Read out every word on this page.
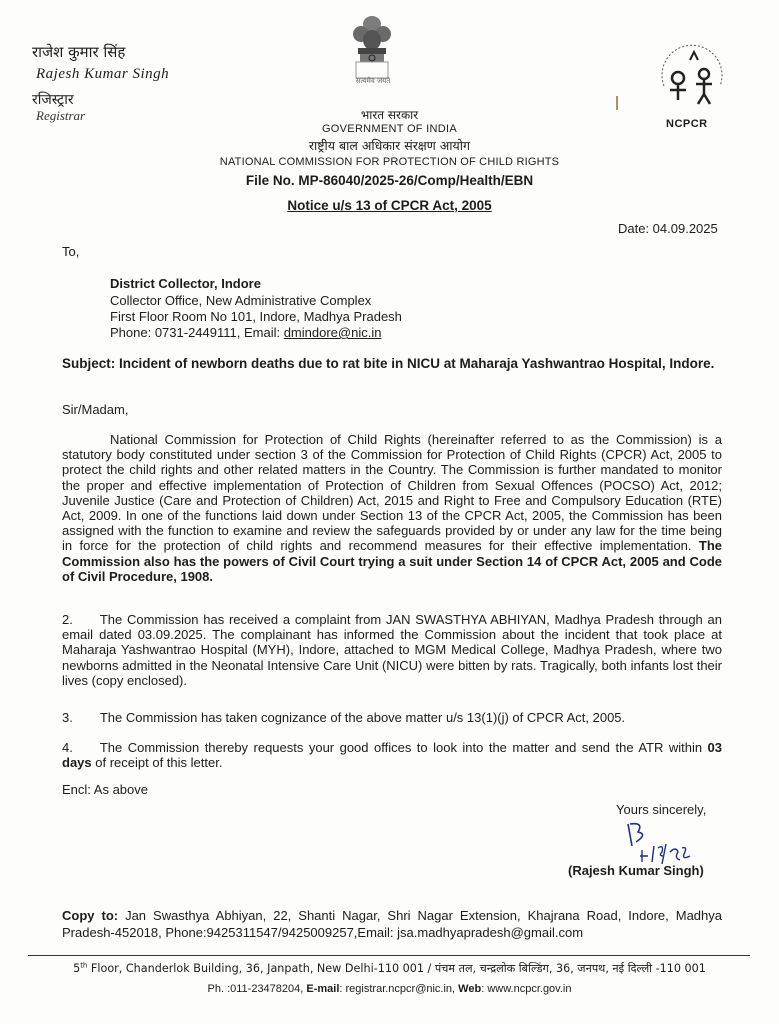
राजेश कुमार सिंह
Rajesh Kumar Singh
रजिस्ट्रार
Registrar
सत्यमेव जयते
भारत सरकार
GOVERNMENT OF INDIA
राष्ट्रीय बाल अधिकार संरक्षण आयोग
NATIONAL COMMISSION FOR PROTECTION OF CHILD RIGHTS
File No. MP-86040/2025-26/Comp/Health/EBN
Notice u/s 13 of CPCR Act, 2005
NCPCR
Date: 04.09.2025
To,
District Collector, Indore
Collector Office, New Administrative Complex
First Floor Room No 101, Indore, Madhya Pradesh
Phone: 0731-2449111, Email: dmindore@nic.in
Subject: Incident of newborn deaths due to rat bite in NICU at Maharaja Yashwantrao Hospital, Indore.
Sir/Madam,
National Commission for Protection of Child Rights (hereinafter referred to as the Commission) is a statutory body constituted under section 3 of the Commission for Protection of Child Rights (CPCR) Act, 2005 to protect the child rights and other related matters in the Country. The Commission is further mandated to monitor the proper and effective implementation of Protection of Children from Sexual Offences (POCSO) Act, 2012; Juvenile Justice (Care and Protection of Children) Act, 2015 and Right to Free and Compulsory Education (RTE) Act, 2009. In one of the functions laid down under Section 13 of the CPCR Act, 2005, the Commission has been assigned with the function to examine and review the safeguards provided by or under any law for the time being in force for the protection of child rights and recommend measures for their effective implementation. The Commission also has the powers of Civil Court trying a suit under Section 14 of CPCR Act, 2005 and Code of Civil Procedure, 1908.
2. The Commission has received a complaint from JAN SWASTHYA ABHIYAN, Madhya Pradesh through an email dated 03.09.2025. The complainant has informed the Commission about the incident that took place at Maharaja Yashwantrao Hospital (MYH), Indore, attached to MGM Medical College, Madhya Pradesh, where two newborns admitted in the Neonatal Intensive Care Unit (NICU) were bitten by rats. Tragically, both infants lost their lives (copy enclosed).
3. The Commission has taken cognizance of the above matter u/s 13(1)(j) of CPCR Act, 2005.
4. The Commission thereby requests your good offices to look into the matter and send the ATR within 03 days of receipt of this letter.
Encl: As above
Yours sincerely,
(Rajesh Kumar Singh)
Copy to: Jan Swasthya Abhiyan, 22, Shanti Nagar, Shri Nagar Extension, Khajrana Road, Indore, Madhya Pradesh-452018, Phone:9425311547/9425009257,Email: jsa.madhyapradesh@gmail.com
5th Floor, Chanderlok Building, 36, Janpath, New Delhi-110 001 / पंचम तल, चन्द्रलोक बिल्डिंग, 36, जनपथ, नई दिल्ली -110 001
Ph. :011-23478204, E-mail: registrar.ncpcr@nic.in, Web: www.ncpcr.gov.in
